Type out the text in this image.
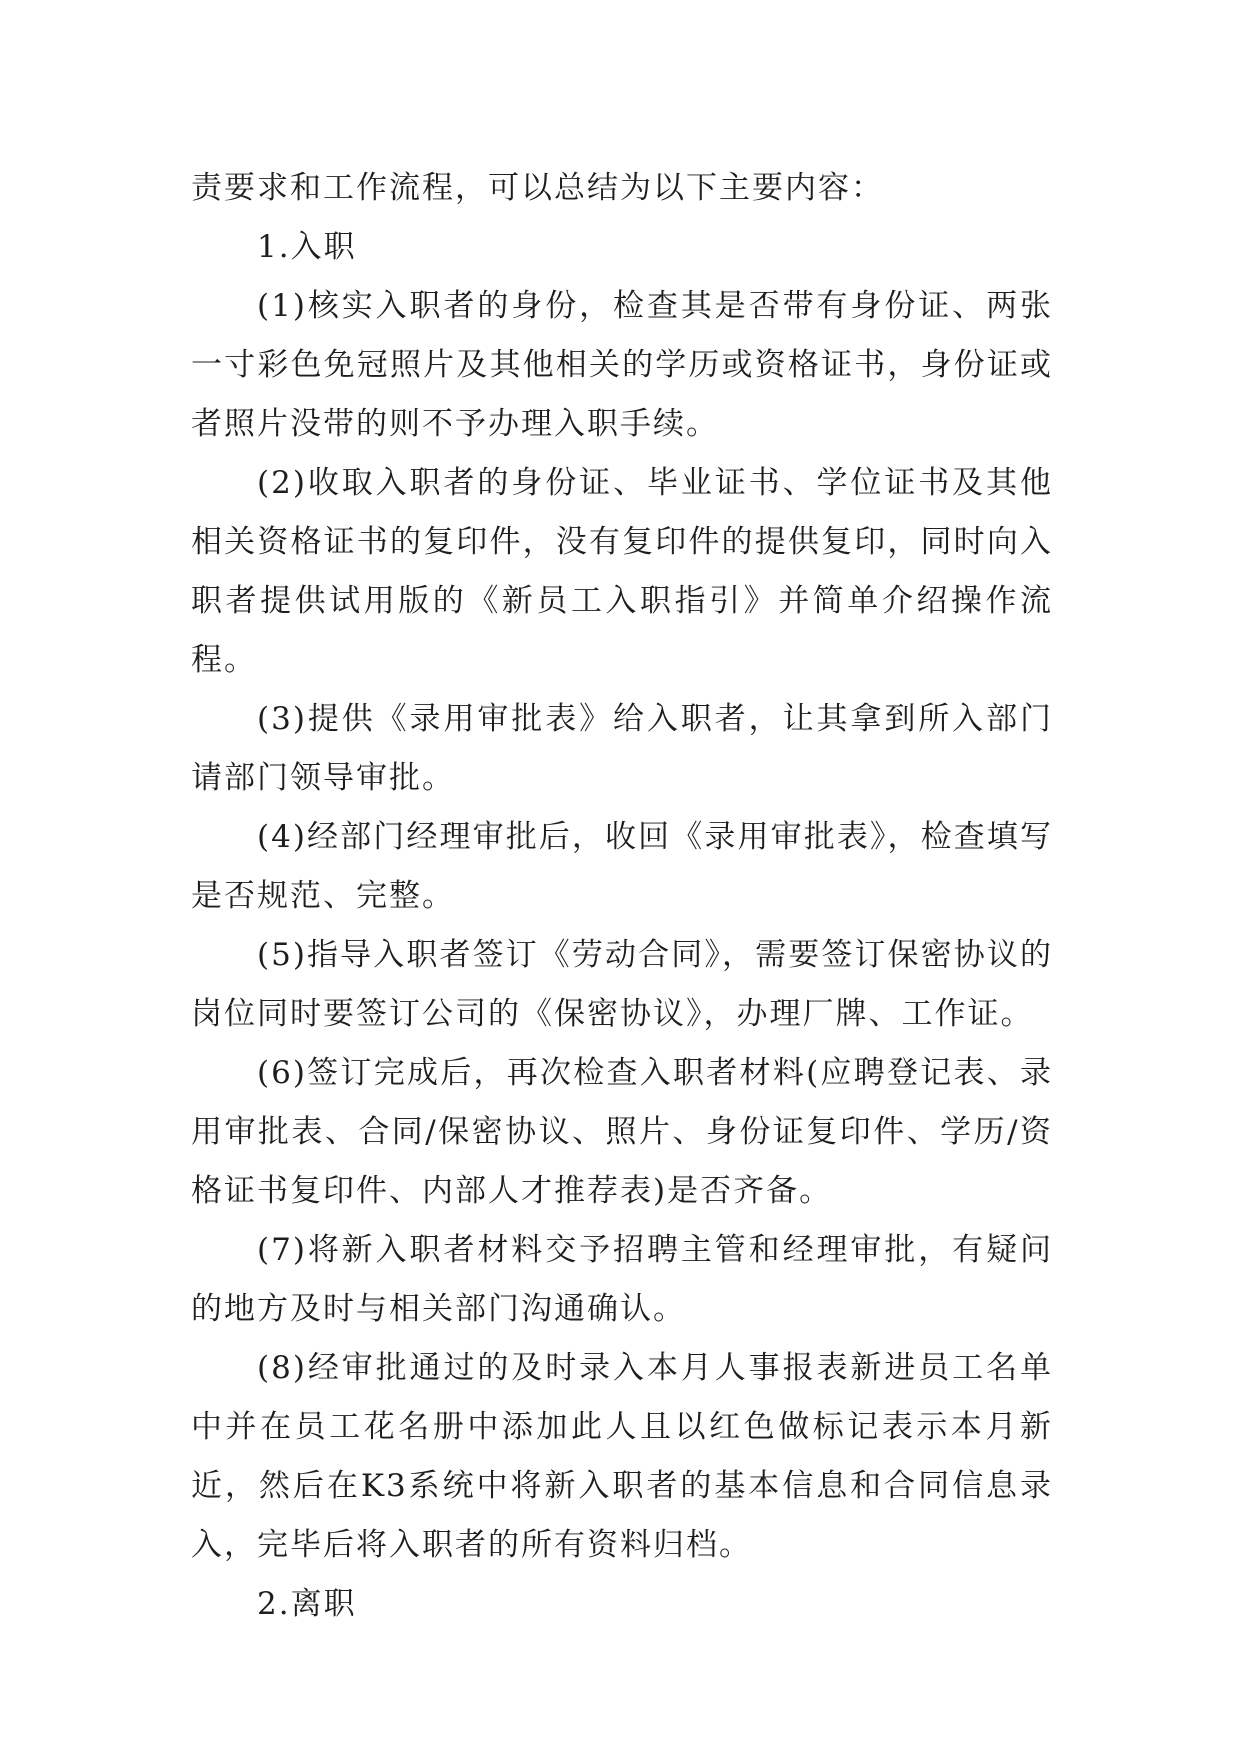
责要求和工作流程，可以总结为以下主要内容：

1.入职

(1)核实入职者的身份，检查其是否带有身份证、两张一寸彩色免冠照片及其他相关的学历或资格证书，身份证或者照片没带的则不予办理入职手续。

(2)收取入职者的身份证、毕业证书、学位证书及其他相关资格证书的复印件，没有复印件的提供复印，同时向入职者提供试用版的《新员工入职指引》并简单介绍操作流程。

(3)提供《录用审批表》给入职者，让其拿到所入部门请部门领导审批。

(4)经部门经理审批后，收回《录用审批表》，检查填写是否规范、完整。

(5)指导入职者签订《劳动合同》，需要签订保密协议的岗位同时要签订公司的《保密协议》，办理厂牌、工作证。

(6)签订完成后，再次检查入职者材料(应聘登记表、录用审批表、合同/保密协议、照片、身份证复印件、学历/资格证书复印件、内部人才推荐表)是否齐备。

(7)将新入职者材料交予招聘主管和经理审批，有疑问的地方及时与相关部门沟通确认。

(8)经审批通过的及时录入本月人事报表新进员工名单中并在员工花名册中添加此人且以红色做标记表示本月新近，然后在K3系统中将新入职者的基本信息和合同信息录入，完毕后将入职者的所有资料归档。

2.离职
